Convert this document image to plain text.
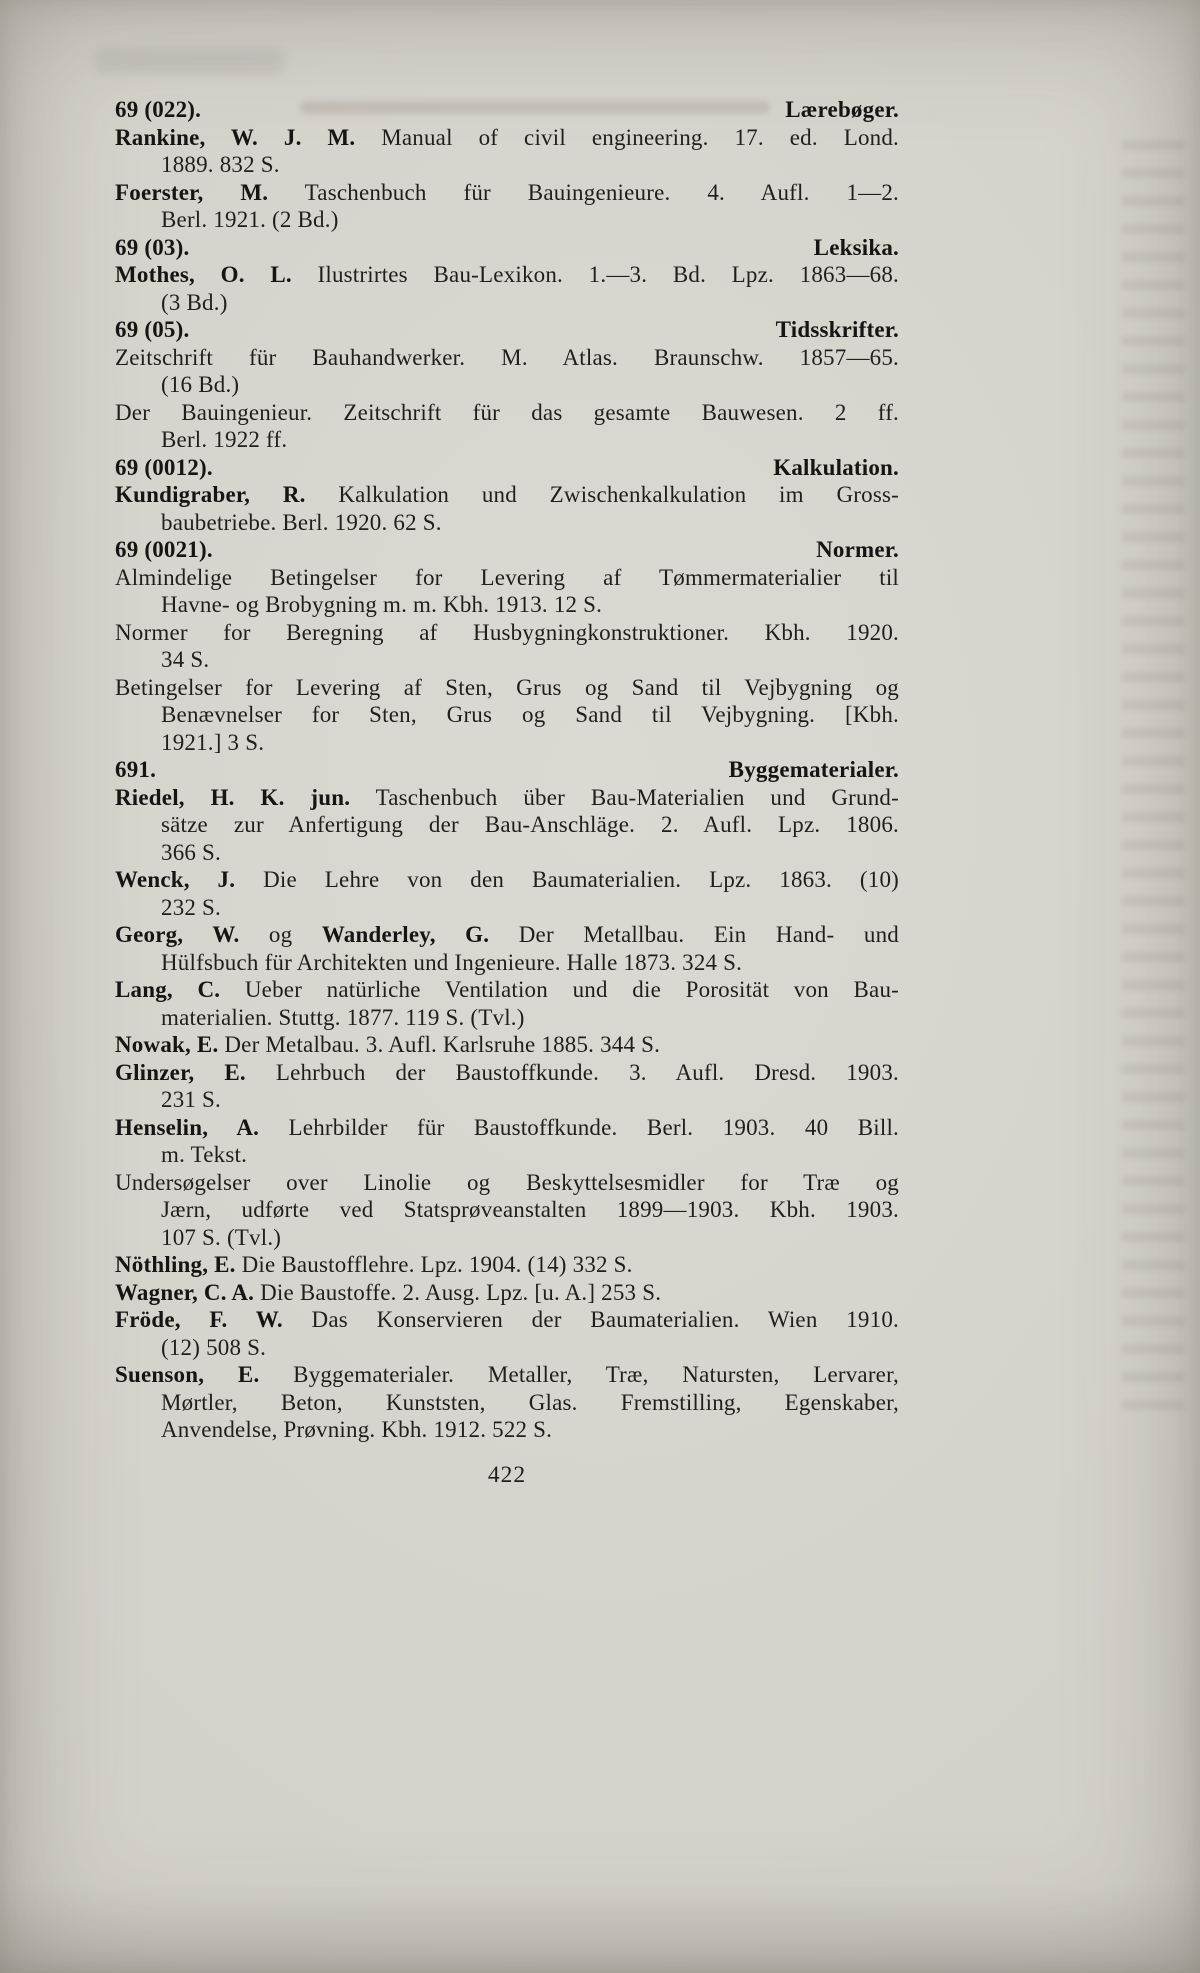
69 (022).	Lærebøger.
Rankine, W. J. M. Manual of civil engineering. 17. ed. Lond.
1889. 832 S.
Foerster, M. Taschenbuch für Bauingenieure. 4. Aufl. 1—2.
Berl. 1921. (2 Bd.)
69 (03).	Leksika.
Mothes, O. L. Ilustrirtes Bau-Lexikon. 1.—3. Bd. Lpz. 1863—68.
(3 Bd.)
69 (05).	Tidsskrifter.
Zeitschrift für Bauhandwerker. M. Atlas. Braunschw. 1857—65.
(16 Bd.)
Der Bauingenieur. Zeitschrift für das gesamte Bauwesen. 2 ff.
Berl. 1922 ff.
69 (0012).	Kalkulation.
Kundigraber, R. Kalkulation und Zwischenkalkulation im Gross-
baubetriebe. Berl. 1920. 62 S.
69 (0021).	Normer.
Almindelige Betingelser for Levering af Tømmermaterialier til
Havne- og Brobygning m. m. Kbh. 1913. 12 S.
Normer for Beregning af Husbygningkonstruktioner. Kbh. 1920.
34 S.
Betingelser for Levering af Sten, Grus og Sand til Vejbygning og
Benævnelser for Sten, Grus og Sand til Vejbygning. [Kbh.
1921.] 3 S.
691.	Byggematerialer.
Riedel, H. K. jun. Taschenbuch über Bau-Materialien und Grund-
sätze zur Anfertigung der Bau-Anschläge. 2. Aufl. Lpz. 1806.
366 S.
Wenck, J. Die Lehre von den Baumaterialien. Lpz. 1863. (10)
232 S.
Georg, W. og Wanderley, G. Der Metallbau. Ein Hand- und
Hülfsbuch für Architekten und Ingenieure. Halle 1873. 324 S.
Lang, C. Ueber natürliche Ventilation und die Porosität von Bau-
materialien. Stuttg. 1877. 119 S. (Tvl.)
Nowak, E. Der Metalbau. 3. Aufl. Karlsruhe 1885. 344 S.
Glinzer, E. Lehrbuch der Baustoffkunde. 3. Aufl. Dresd. 1903.
231 S.
Henselin, A. Lehrbilder für Baustoffkunde. Berl. 1903. 40 Bill.
m. Tekst.
Undersøgelser over Linolie og Beskyttelsesmidler for Træ og
Jærn, udførte ved Statsprøveanstalten 1899—1903. Kbh. 1903.
107 S. (Tvl.)
Nöthling, E. Die Baustofflehre. Lpz. 1904. (14) 332 S.
Wagner, C. A. Die Baustoffe. 2. Ausg. Lpz. [u. A.] 253 S.
Fröde, F. W. Das Konservieren der Baumaterialien. Wien 1910.
(12) 508 S.
Suenson, E. Byggematerialer. Metaller, Træ, Natursten, Lervarer,
Mørtler, Beton, Kunststen, Glas. Fremstilling, Egenskaber,
Anvendelse, Prøvning. Kbh. 1912. 522 S.
422
